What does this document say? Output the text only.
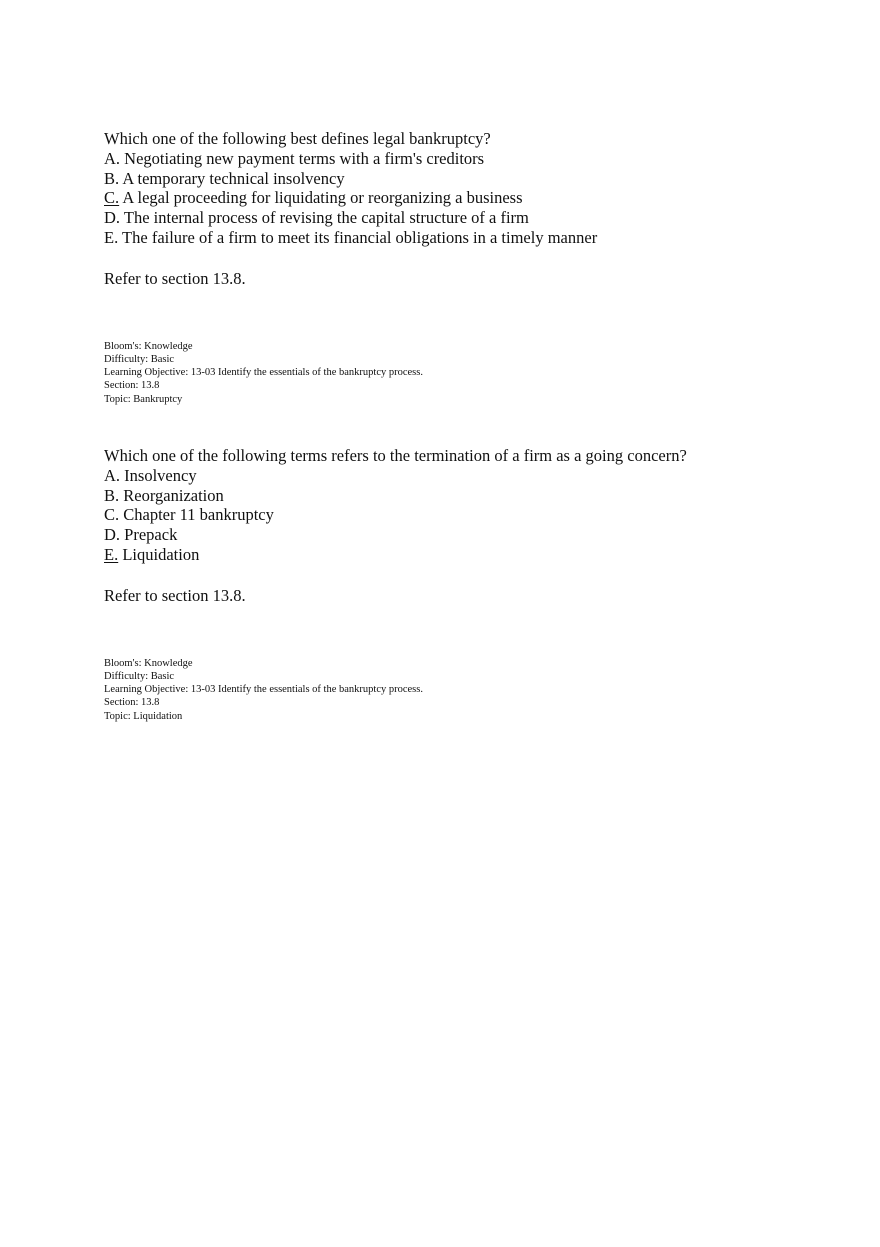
Which one of the following best defines legal bankruptcy?
A. Negotiating new payment terms with a firm's creditors
B. A temporary technical insolvency
C. A legal proceeding for liquidating or reorganizing a business
D. The internal process of revising the capital structure of a firm
E. The failure of a firm to meet its financial obligations in a timely manner
Refer to section 13.8.
Bloom's: Knowledge
Difficulty: Basic
Learning Objective: 13-03 Identify the essentials of the bankruptcy process.
Section: 13.8
Topic: Bankruptcy
Which one of the following terms refers to the termination of a firm as a going concern?
A. Insolvency
B. Reorganization
C. Chapter 11 bankruptcy
D. Prepack
E. Liquidation
Refer to section 13.8.
Bloom's: Knowledge
Difficulty: Basic
Learning Objective: 13-03 Identify the essentials of the bankruptcy process.
Section: 13.8
Topic: Liquidation
